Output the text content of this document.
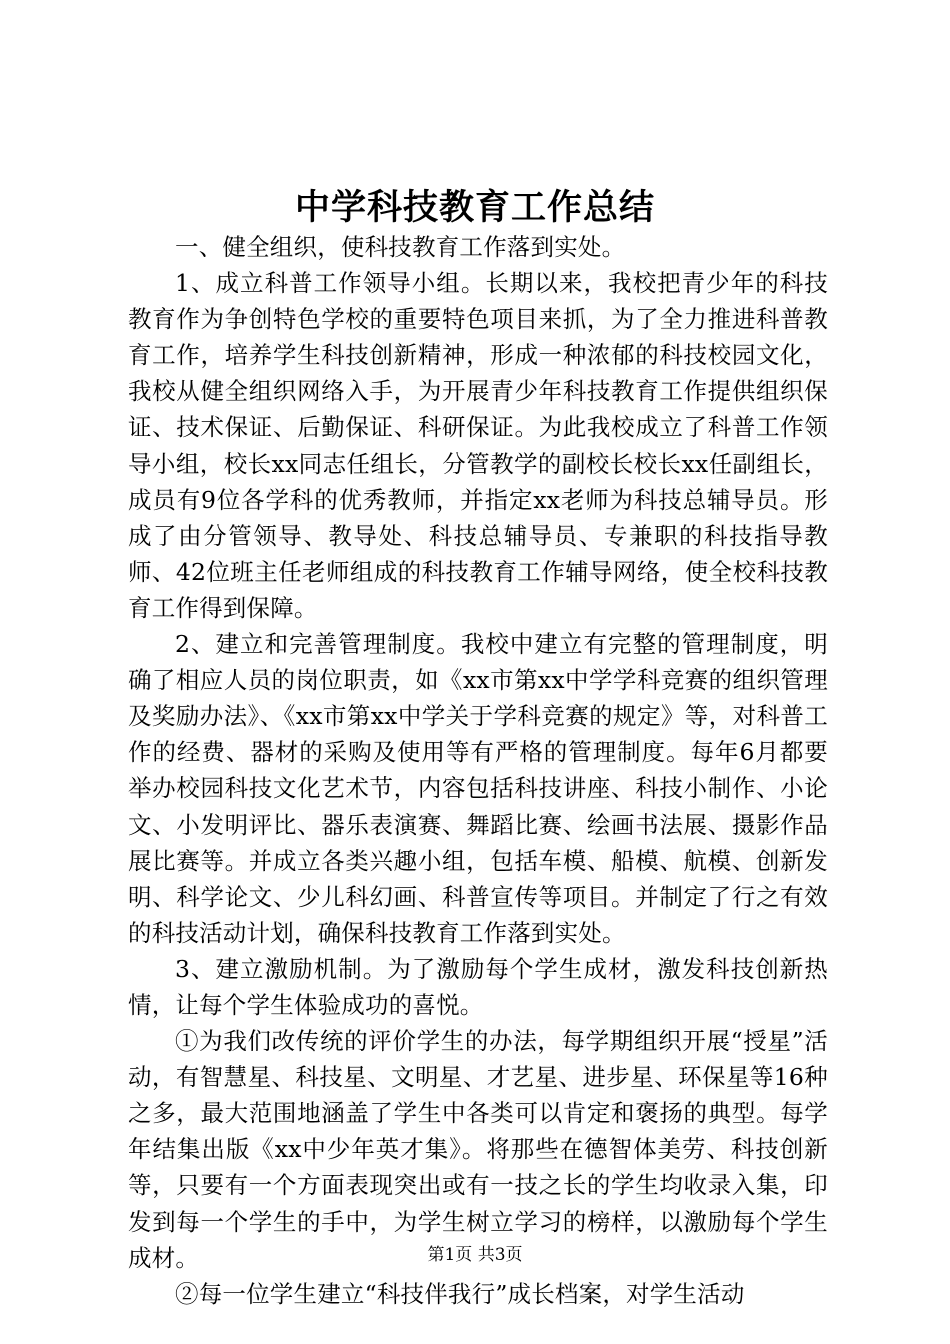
中学科技教育工作总结

一、健全组织，使科技教育工作落到实处。

1、成立科普工作领导小组。长期以来，我校把青少年的科技教育作为争创特色学校的重要特色项目来抓，为了全力推进科普教育工作，培养学生科技创新精神，形成一种浓郁的科技校园文化，我校从健全组织网络入手，为开展青少年科技教育工作提供组织保证、技术保证、后勤保证、科研保证。为此我校成立了科普工作领导小组，校长xx同志任组长，分管教学的副校长校长xx任副组长，成员有9位各学科的优秀教师，并指定xx老师为科技总辅导员。形成了由分管领导、教导处、科技总辅导员、专兼职的科技指导教师、42位班主任老师组成的科技教育工作辅导网络，使全校科技教育工作得到保障。

2、建立和完善管理制度。我校中建立有完整的管理制度，明确了相应人员的岗位职责，如《xx市第xx中学学科竞赛的组织管理及奖励办法》、《xx市第xx中学关于学科竞赛的规定》等，对科普工作的经费、器材的采购及使用等有严格的管理制度。每年6月都要举办校园科技文化艺术节，内容包括科技讲座、科技小制作、小论文、小发明评比、器乐表演赛、舞蹈比赛、绘画书法展、摄影作品展比赛等。并成立各类兴趣小组，包括车模、船模、航模、创新发明、科学论文、少儿科幻画、科普宣传等项目。并制定了行之有效的科技活动计划，确保科技教育工作落到实处。

3、建立激励机制。为了激励每个学生成材，激发科技创新热情，让每个学生体验成功的喜悦。

①为我们改传统的评价学生的办法，每学期组织开展“授星”活动，有智慧星、科技星、文明星、才艺星、进步星、环保星等16种之多，最大范围地涵盖了学生中各类可以肯定和褒扬的典型。每学年结集出版《xx中少年英才集》。将那些在德智体美劳、科技创新等，只要有一个方面表现突出或有一技之长的学生均收录入集，印发到每一个学生的手中，为学生树立学习的榜样，以激励每个学生成材。

②每一位学生建立“科技伴我行”成长档案，对学生活动

第1页 共3页
